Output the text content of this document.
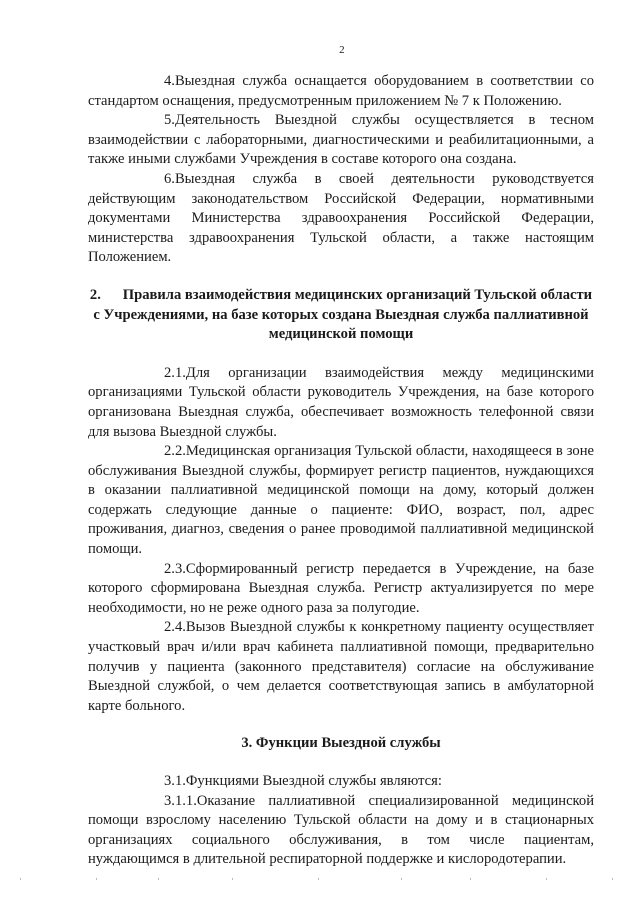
2

4.Выездная служба оснащается оборудованием в соответствии со стандартом оснащения, предусмотренным приложением № 7 к Положению.

5.Деятельность Выездной службы осуществляется в тесном взаимодействии с лабораторными, диагностическими и реабилитационными, а также иными службами Учреждения в составе которого она создана.

6.Выездная служба в своей деятельности руководствуется действующим законодательством Российской Федерации, нормативными документами Министерства здравоохранения Российской Федерации, министерства здравоохранения Тульской области, а также настоящим Положением.

2.  Правила взаимодействия медицинских организаций Тульской области с Учреждениями, на базе которых создана Выездная служба паллиативной медицинской помощи

2.1.Для организации взаимодействия между медицинскими организациями Тульской области руководитель Учреждения, на базе которого организована Выездная служба, обеспечивает возможность телефонной связи для вызова Выездной службы.

2.2.Медицинская организация Тульской области, находящееся в зоне обслуживания Выездной службы, формирует регистр пациентов, нуждающихся в оказании паллиативной медицинской помощи на дому, который должен содержать следующие данные о пациенте: ФИО, возраст, пол, адрес проживания, диагноз, сведения о ранее проводимой паллиативной медицинской помощи.

2.3.Сформированный регистр передается в Учреждение, на базе которого сформирована Выездная служба. Регистр актуализируется по мере необходимости, но не реже одного раза за полугодие.

2.4.Вызов Выездной службы к конкретному пациенту осуществляет участковый врач и/или врач кабинета паллиативной помощи, предварительно получив у пациента (законного представителя) согласие на обслуживание Выездной службой, о чем делается соответствующая запись в амбулаторной карте больного.

3. Функции Выездной службы

3.1.Функциями Выездной службы являются:

3.1.1.Оказание паллиативной специализированной медицинской помощи взрослому населению Тульской области на дому и в стационарных организациях социального обслуживания, в том числе пациентам, нуждающимся в длительной респираторной поддержке и кислородотерапии.
